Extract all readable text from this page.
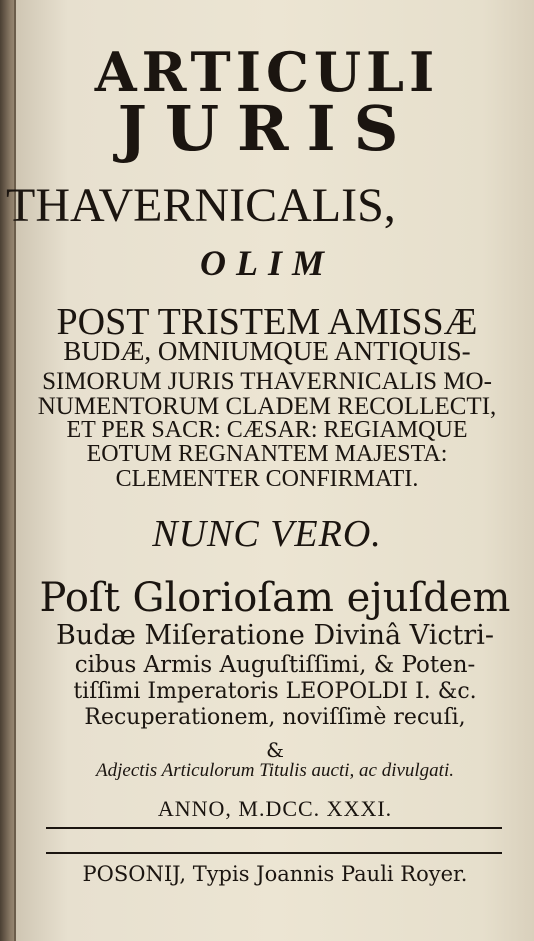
ARTICULI
JURIS
THAVERNICALIS,
OLIM
POST TRISTEM AMISSÆ
BUDÆ, OMNIUMQUE ANTIQUIS-
SIMORUM JURIS THAVERNICALIS MO-
NUMENTORUM CLADEM RECOLLECTI,
ET PER SACR: CÆSAR: REGIAMQUE
EOTUM REGNANTEM MAJESTA:
CLEMENTER CONFIRMATI.
NUNC VERO.
Poſt Glorioſam ejuſdem
Budæ Miſeratione Divinâ Victri-
cibus Armis Auguſtiſſimi, & Poten-
tiſſimi Imperatoris LEOPOLDI I. &c.
Recuperationem, noviſſimè recuſi,
&
Adjectis Articulorum Titulis aucti, ac divulgati.
ANNO, M.DCC. XXXI.
POSONIJ, Typis Joannis Pauli Royer.
